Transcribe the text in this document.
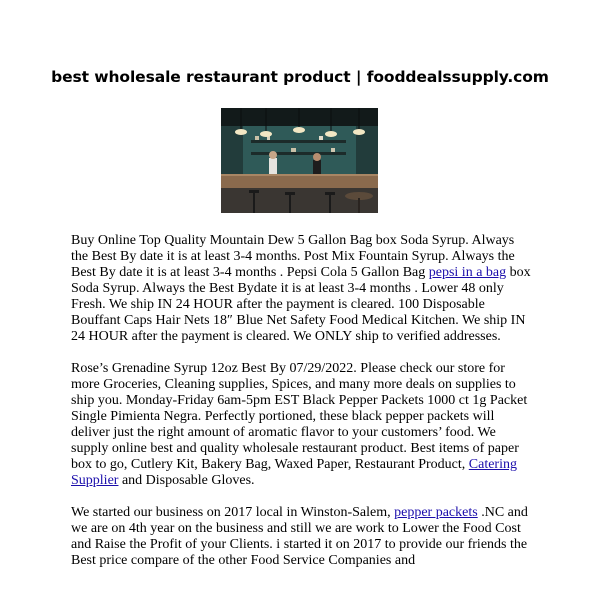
best wholesale restaurant product | fooddealssupply.com

Buy Online Top Quality Mountain Dew 5 Gallon Bag box Soda Syrup. Always the Best By date it is at least 3-4 months. Post Mix Fountain Syrup. Always the Best By date it is at least 3-4 months . Pepsi Cola 5 Gallon Bag pepsi in a bag box Soda Syrup. Always the Best Bydate it is at least 3-4 months . Lower 48 only Fresh. We ship IN 24 HOUR after the payment is cleared. 100 Disposable Bouffant Caps Hair Nets 18″ Blue Net Safety Food Medical Kitchen. We ship IN 24 HOUR after the payment is cleared. We ONLY ship to verified addresses.

Rose’s Grenadine Syrup 12oz Best By 07/29/2022. Please check our store for more Groceries, Cleaning supplies, Spices, and many more deals on supplies to ship you. Monday-Friday 6am-5pm EST Black Pepper Packets 1000 ct 1g Packet Single Pimienta Negra. Perfectly portioned, these black pepper packets will deliver just the right amount of aromatic flavor to your customers’ food. We supply online best and quality wholesale restaurant product. Best items of paper box to go, Cutlery Kit, Bakery Bag, Waxed Paper, Restaurant Product, Catering Supplier and Disposable Gloves.

We started our business on 2017 local in Winston-Salem, pepper packets .NC and we are on 4th year on the business and still we are work to Lower the Food Cost and Raise the Profit of your Clients. i started it on 2017 to provide our friends the Best price compare of the other Food Service Companies and
